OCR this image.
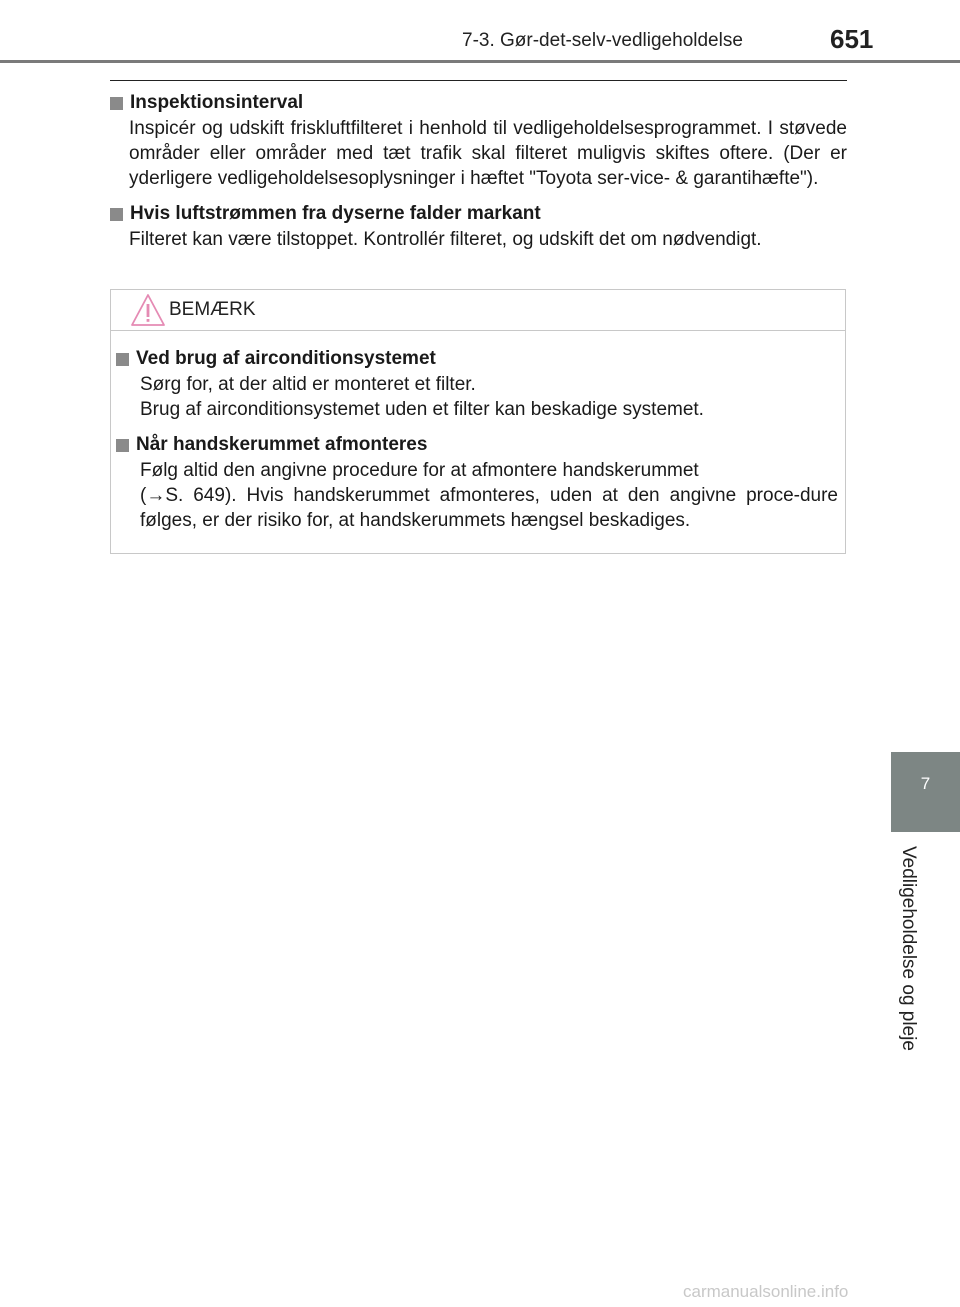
7-3. Gør-det-selv-vedligeholdelse	651
Inspektionsinterval
Inspicér og udskift friskluftfilteret i henhold til vedligeholdelsesprogrammet. I støvede områder eller områder med tæt trafik skal filteret muligvis skiftes oftere. (Der er yderligere vedligeholdelsesoplysninger i hæftet "Toyota ser-vice- & garantihæfte").
Hvis luftstrømmen fra dyserne falder markant
Filteret kan være tilstoppet. Kontrollér filteret, og udskift det om nødvendigt.
BEMÆRK
Ved brug af airconditionsystemet
Sørg for, at der altid er monteret et filter.
Brug af airconditionsystemet uden et filter kan beskadige systemet.
Når handskerummet afmonteres
Følg altid den angivne procedure for at afmontere handskerummet
(→S. 649). Hvis handskerummet afmonteres, uden at den angivne proce-dure følges, er der risiko for, at handskerummets hængsel beskadiges.
7
Vedligeholdelse og pleje
carmanualsonline.info
